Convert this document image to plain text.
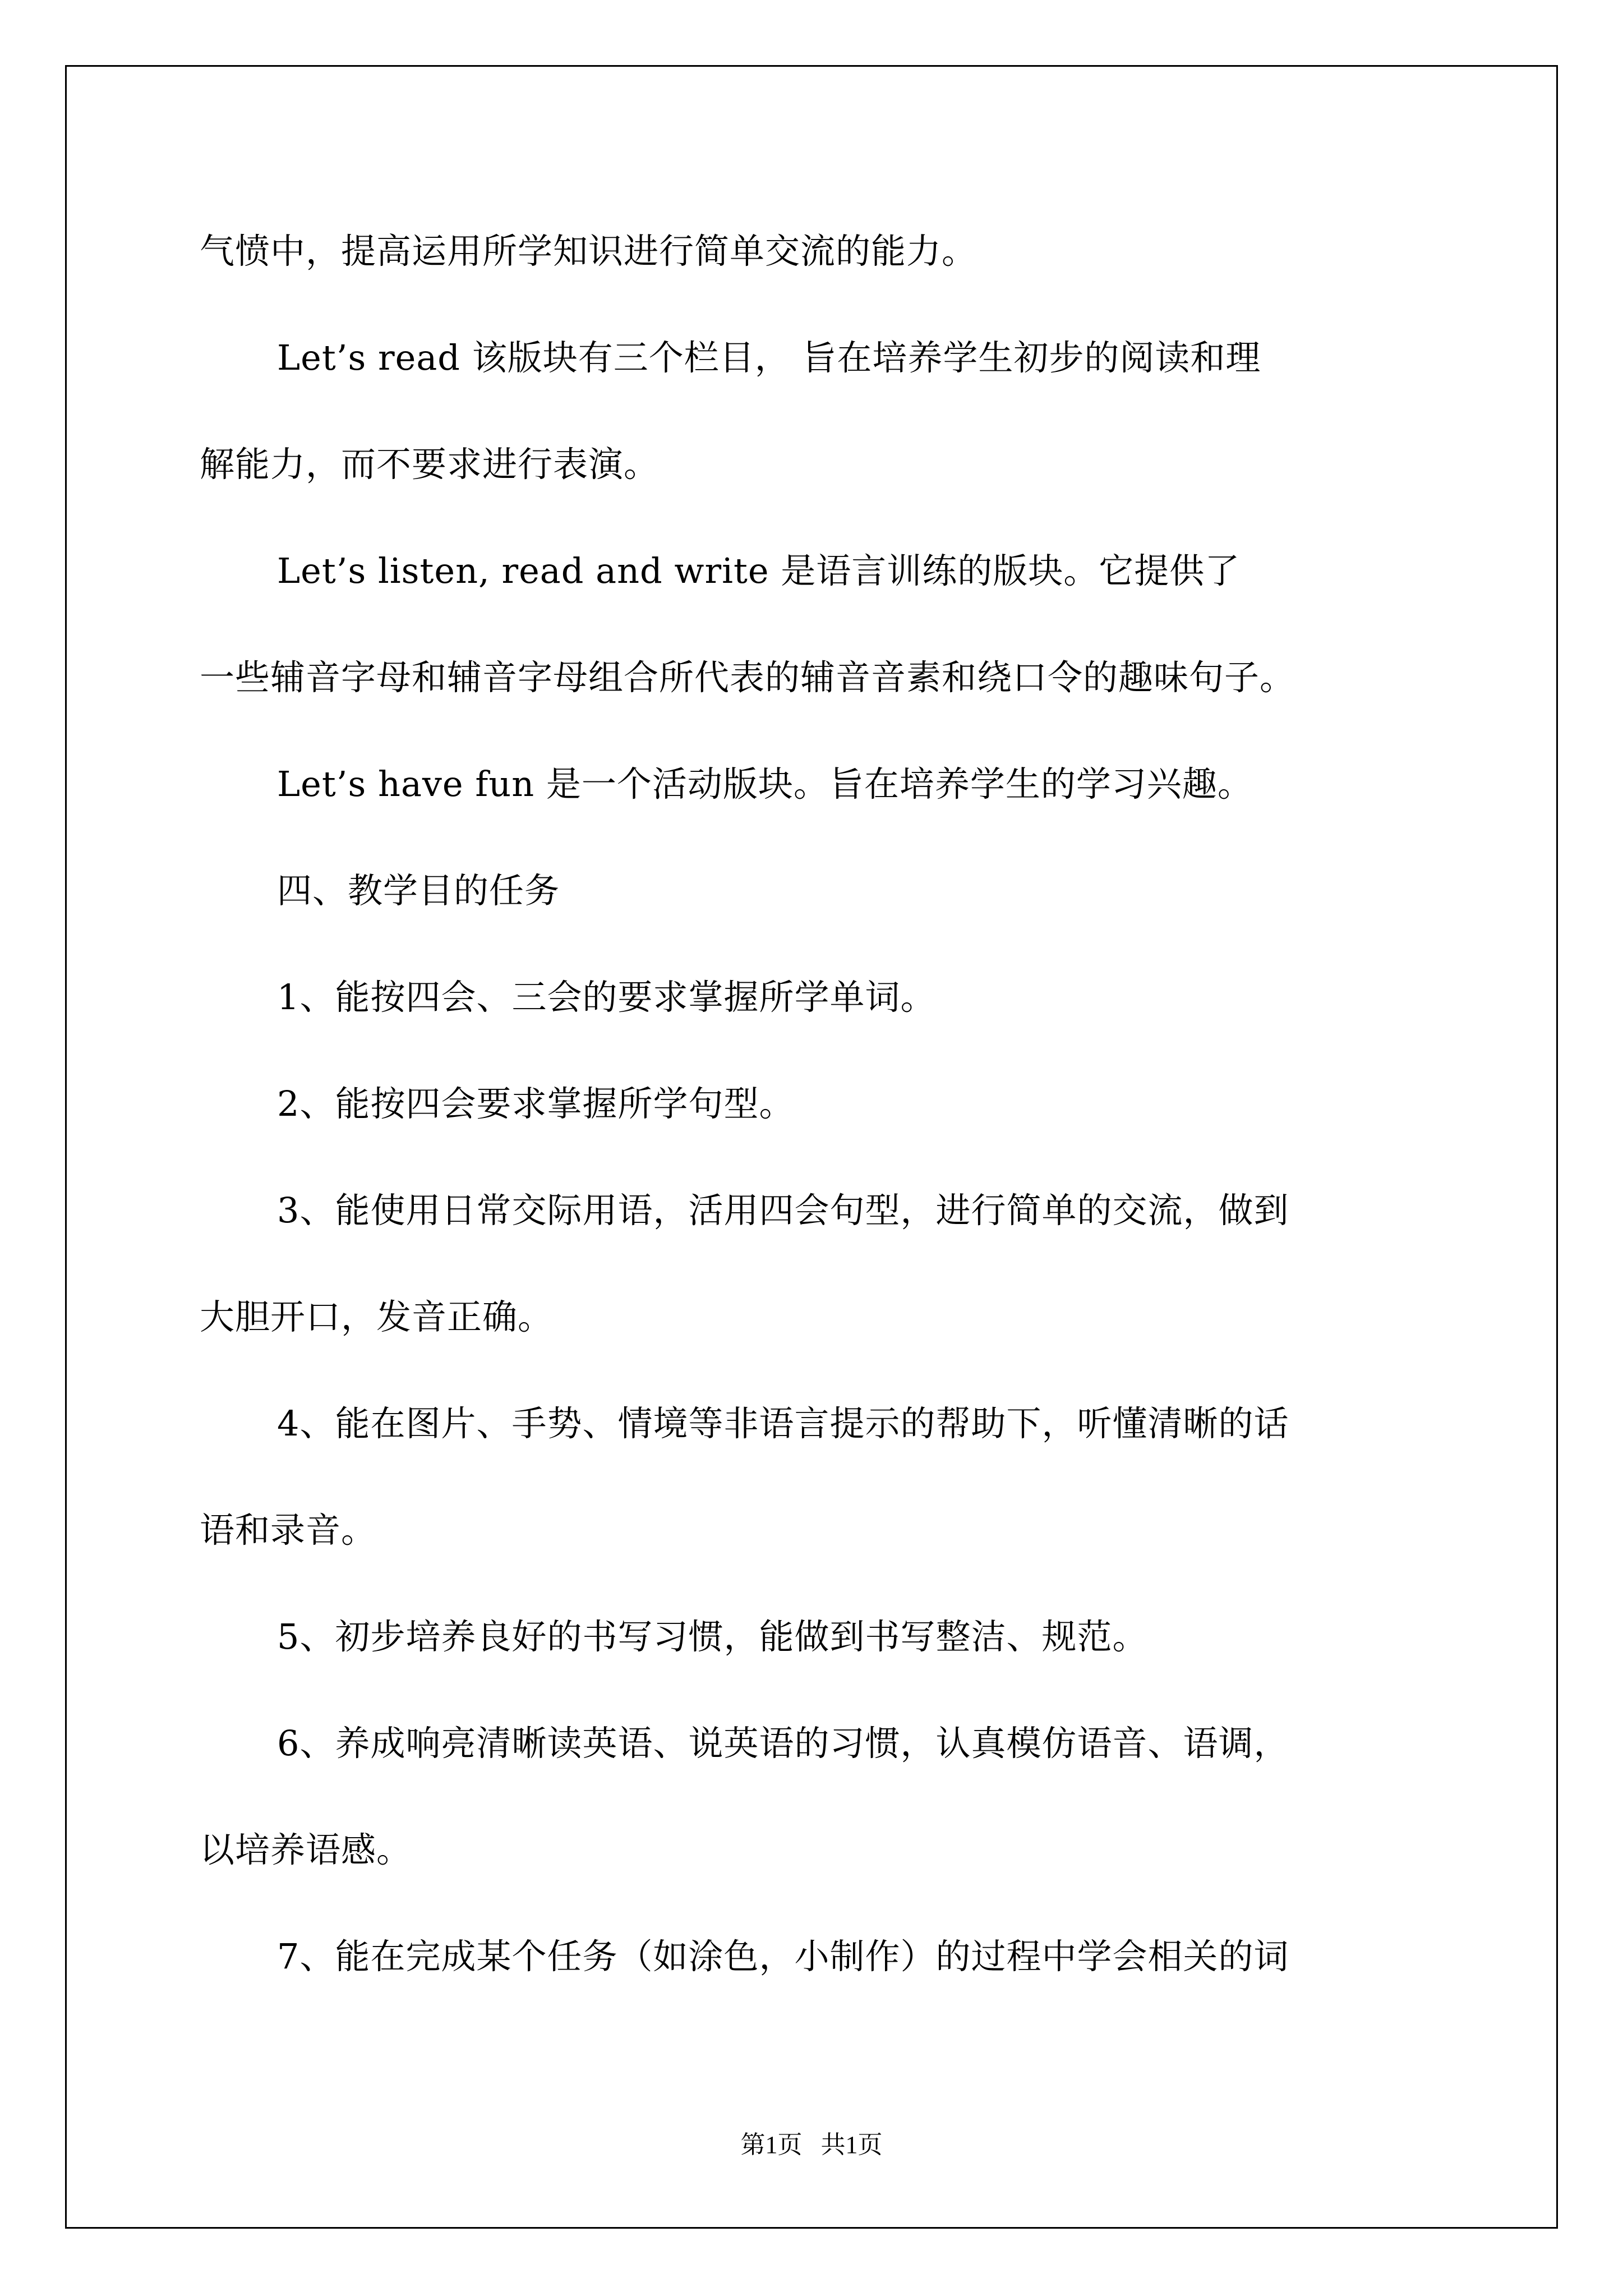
气愤中，提高运用所学知识进行简单交流的能力。

Let’s read 该版块有三个栏目， 旨在培养学生初步的阅读和理

解能力，而不要求进行表演。

Let’s listen, read and write 是语言训练的版块。它提供了

一些辅音字母和辅音字母组合所代表的辅音音素和绕口令的趣味句子。

Let’s have fun 是一个活动版块。旨在培养学生的学习兴趣。

四、教学目的任务

1、能按四会、三会的要求掌握所学单词。

2、能按四会要求掌握所学句型。

3、能使用日常交际用语，活用四会句型，进行简单的交流，做到

大胆开口，发音正确。

4、能在图片、手势、情境等非语言提示的帮助下，听懂清晰的话

语和录音。

5、初步培养良好的书写习惯，能做到书写整洁、规范。

6、养成响亮清晰读英语、说英语的习惯，认真模仿语音、语调，

以培养语感。

7、能在完成某个任务（如涂色，小制作）的过程中学会相关的词

第1页   共1页
